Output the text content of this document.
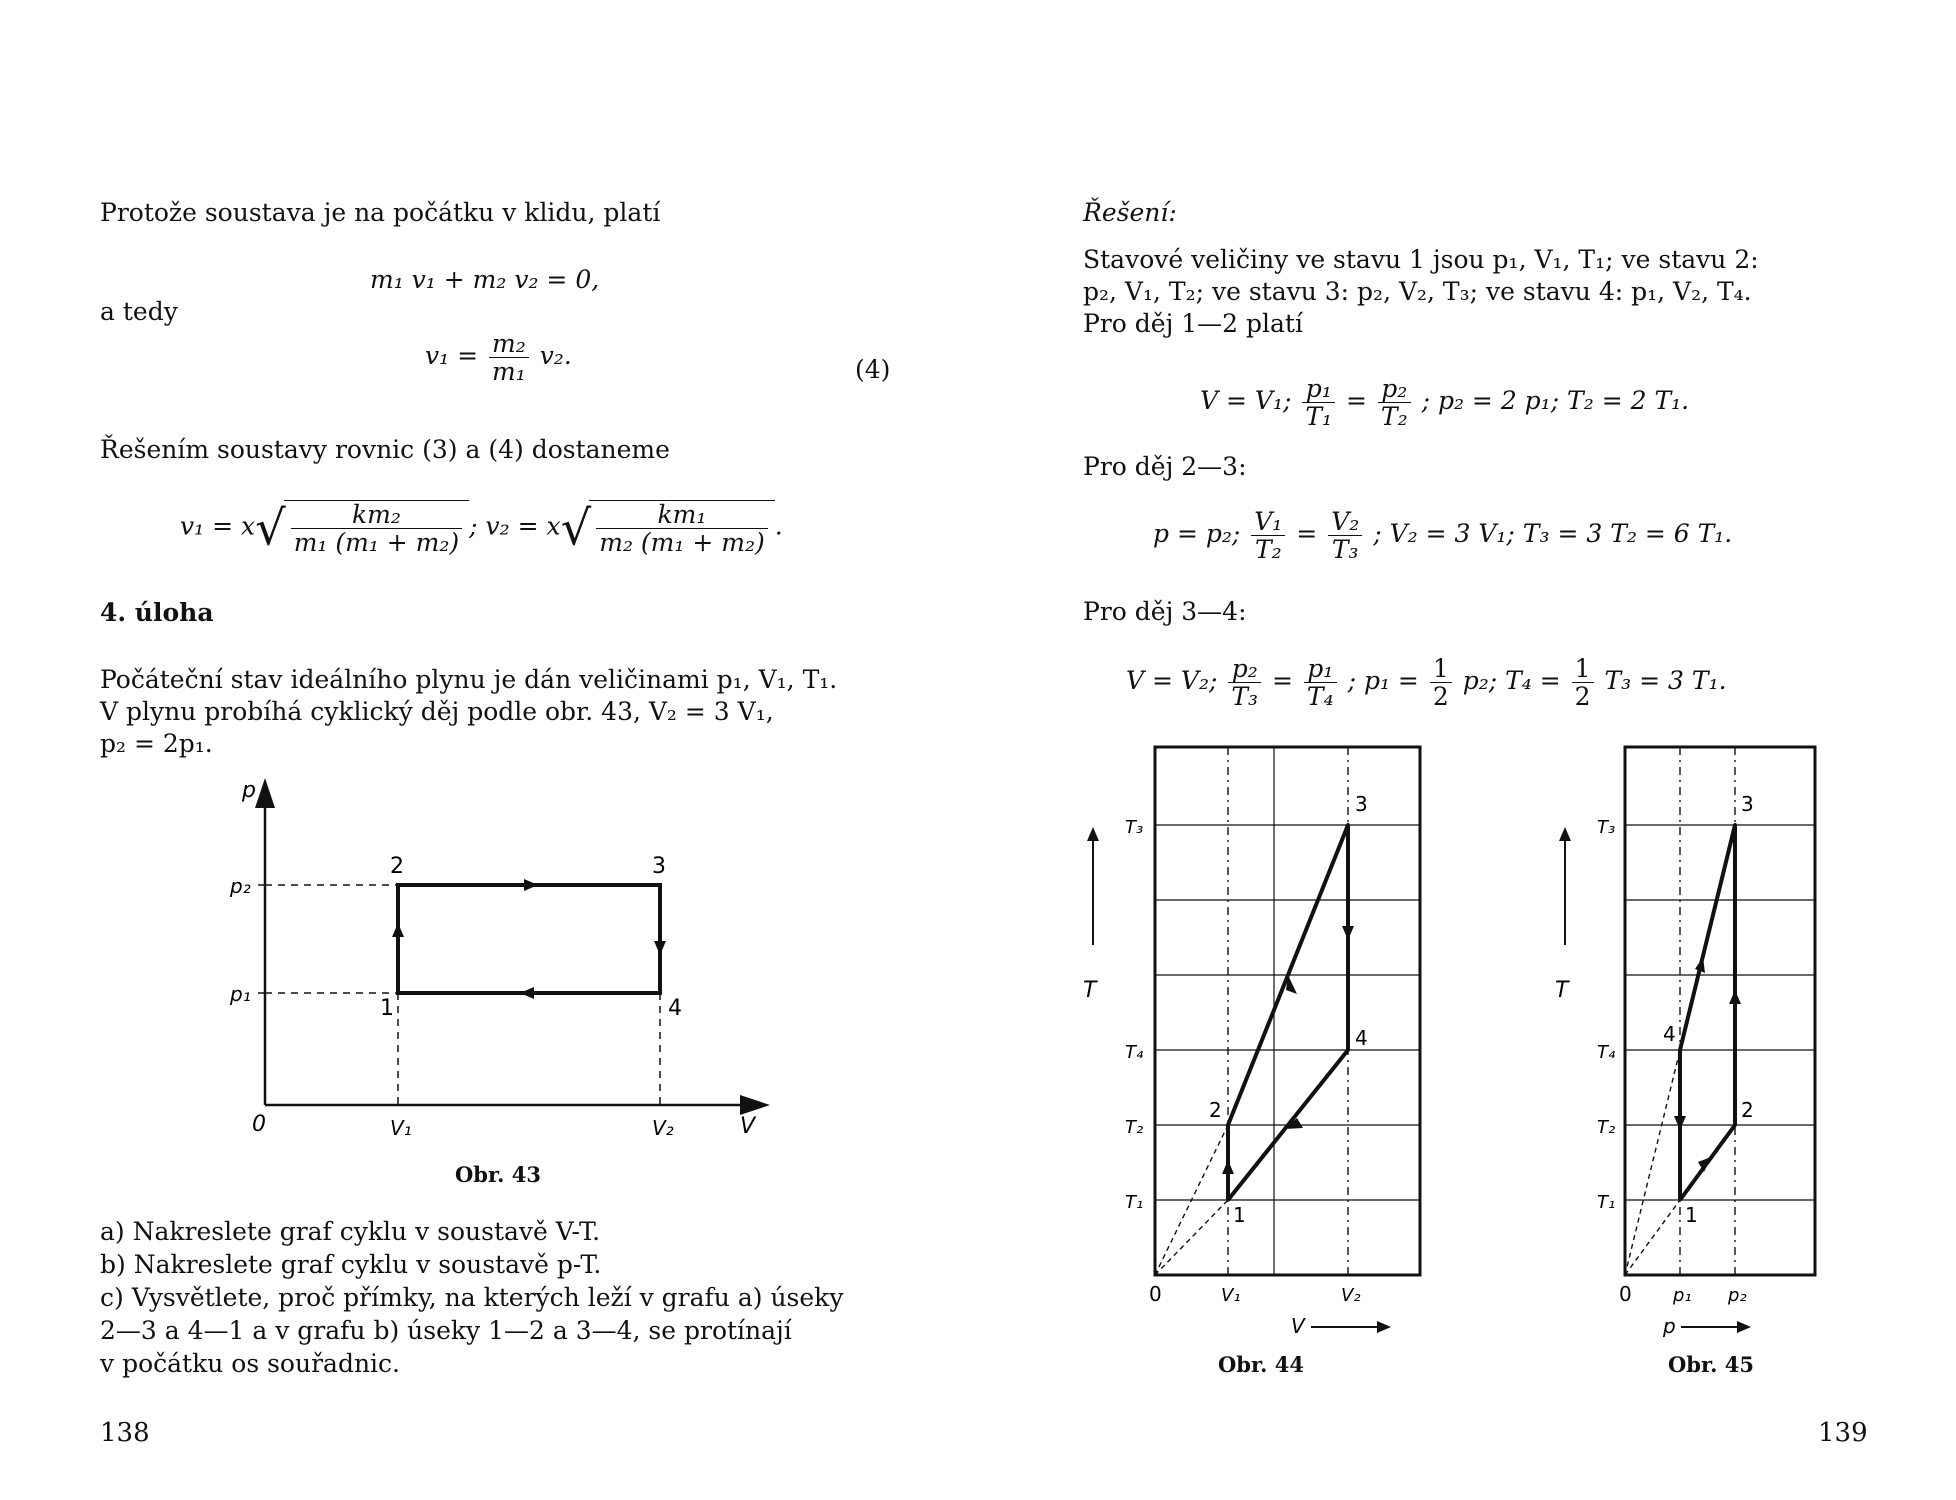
Protože soustava je na počátku v klidu, platí
m₁ v₁ + m₂ v₂ = 0,
a tedy
$v_1 = \frac{\text{m₂}}{\text{m₁}} v_2$.	(4)
Řešením soustavy rovnic (3) a (4) dostaneme
$v_1 = x√ \frac{\text{km₂}}{\text{m₁ (m₁ + m₂)}}$ ; $v_2 = x√ \frac{\text{km₁}}{\text{m₂ (m₁ + m₂)}}$ .
4. úloha
Počáteční stav ideálního plynu je dán veličinami p₁, V₁, T₁.
V plynu probíhá cyklický děj podle obr. 43, V₂ = 3 V₁,
p₂ = 2p₁.
p
p₂
p₁
0	V₁	V₂	V
2	3
1	4
Obr. 43
a) Nakreslete graf cyklu v soustavě V-T.
b) Nakreslete graf cyklu v soustavě p-T.
c) Vysvětlete, proč přímky, na kterých leží v grafu a) úseky
2—3 a 4—1 a v grafu b) úseky 1—2 a 3—4, se protínají
v počátku os souřadnic.
138
Řešení:
Stavové veličiny ve stavu 1 jsou p₁, V₁, T₁; ve stavu 2:
p₂, V₁, T₂; ve stavu 3: p₂, V₂, T₃; ve stavu 4: p₁, V₂, T₄.
Pro děj 1—2 platí
V = V₁; $\frac{\text{p₁}}{\text{T₁}} = \frac{\text{p₂}}{\text{T₂}}$ ; p₂ = 2 p₁; T₂ = 2 T₁.
Pro děj 2—3:
p = p₂; $\frac{\text{V₁}}{\text{T₂}} = \frac{\text{V₂}}{\text{T₃}}$ ; V₂ = 3 V₁; T₃ = 3 T₂ = 6 T₁.
Pro děj 3—4:
V = V₂; $\frac{\text{p₂}}{\text{T₃}} = \frac{\text{p₁}}{\text{T₄}}$ ; $p_1 = \frac{1}{2} p_2$; $T_4 = \frac{1}{2} T_3 = 3$ T₁.
T
T₃
T₄
T₂
T₁
0	V₁	V₂
V
1
2
3
4
Obr. 44
T
T₃
T₄
T₂
T₁
0 p₁ p₂
p
1
2
3
4
Obr. 45
139
